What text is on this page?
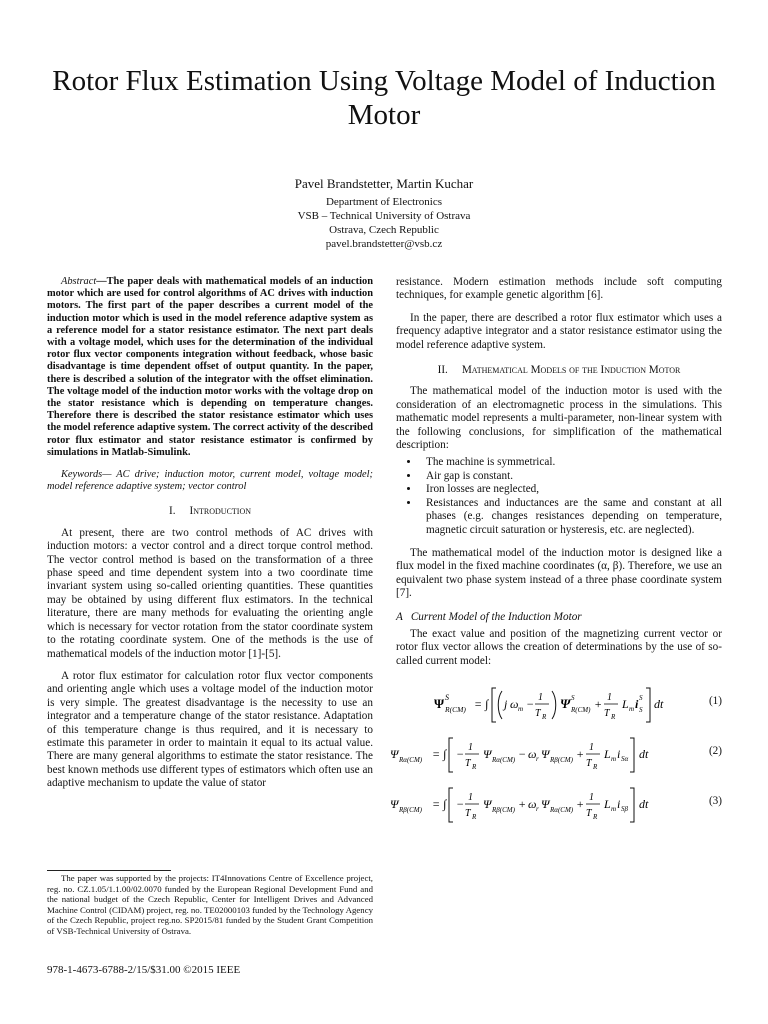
Rotor Flux Estimation Using Voltage Model of Induction Motor
Pavel Brandstetter, Martin Kuchar
Department of Electronics
VSB – Technical University of Ostrava
Ostrava, Czech Republic
pavel.brandstetter@vsb.cz

Abstract—The paper deals with mathematical models of an induction motor which are used for control algorithms of AC drives with induction motors. The first part of the paper describes a current model of the induction motor which is used in the model reference adaptive system as a reference model for a stator resistance estimator. The next part deals with a voltage model, which uses for the determination of the individual rotor flux vector components integration without feedback, whose basic disadvantage is time dependent offset of output quantity. In the paper, there is described a solution of the integrator with the offset elimination. The voltage model of the induction motor works with the voltage drop on the stator resistance which is depending on temperature changes. Therefore there is described the stator resistance estimator which uses the model reference adaptive system. The correct activity of the described rotor flux estimator and stator resistance estimator is confirmed by simulations in Matlab-Simulink.

Keywords— AC drive; induction motor, current model, voltage model; model reference adaptive system; vector control

I. Introduction

At present, there are two control methods of AC drives with induction motors: a vector control and a direct torque control method. The vector control method is based on the transformation of a three phase speed and time dependent system into a two coordinate time invariant system using so-called orienting quantities. These quantities may be obtained by using different flux estimators. In the technical literature, there are many methods for evaluating the orienting angle which is necessary for vector rotation from the stator coordinate system to the rotating coordinate system. One of the methods is the use of mathematical models of the induction motor [1]-[5].

A rotor flux estimator for calculation rotor flux vector components and orienting angle which uses a voltage model of the induction motor is very simple. The greatest disadvantage is the necessity to use an integrator and a temperature change of the stator resistance. Adaptation of this temperature change is thus required, and it is necessary to estimate this parameter in order to maintain it equal to its actual value. There are many general algorithms to estimate the stator resistance. The best known methods use different types of estimators which often use an adaptive mechanism to update the value of stator

resistance. Modern estimation methods include soft computing techniques, for example genetic algorithm [6].

In the paper, there are described a rotor flux estimator which uses a frequency adaptive integrator and a stator resistance estimator using the model reference adaptive system.

II. Mathematical Models of the Induction Motor

The mathematical model of the induction motor is used with the consideration of an electromagnetic process in the simulations. This mathematic model represents a multi-parameter, non-linear system with the following conclusions, for simplification of the mathematical description:

• The machine is symmetrical.
• Air gap is constant.
• Iron losses are neglected,
• Resistances and inductances are the same and constant at all phases (e.g. changes resistances depending on temperature, magnetic circuit saturation or hysteresis, etc. are neglected).

The mathematical model of the induction motor is designed like a flux model in the fixed machine coordinates (α, β). Therefore, we use an equivalent two phase system instead of a three phase coordinate system [7].

A Current Model of the Induction Motor

The exact value and position of the magnetizing current vector or rotor flux vector allows the creation of determinations by the use of so-called current model:

Ψ S
R(CM) = ∫ j ω m − 1
T R
Ψ S
R(CM) + 1
T R
L m i S
S dt	(1)
Ψ Rα(CM) = ∫ − 1
T R
Ψ Rα(CM) − ω r Ψ Rβ(CM) + 1
T R
L m i Sα dt	(2)
Ψ Rβ(CM) = ∫ − 1
T R
Ψ Rβ(CM) + ω r Ψ Rα(CM) + 1
T R
L m i Sβ dt	(3)
The paper was supported by the projects: IT4Innovations Centre of Excellence project, reg. no. CZ.1.05/1.1.00/02.0070 funded by the European Regional Development Fund and the national budget of the Czech Republic, Center for Intelligent Drives and Advanced Machine Control (CIDAM) project, reg. no. TE02000103 funded by the Technology Agency of the Czech Republic, project reg.no. SP2015/81 funded by the Student Grant Competition of VSB-Technical University of Ostrava.
978-1-4673-6788-2/15/$31.00 ©2015 IEEE
